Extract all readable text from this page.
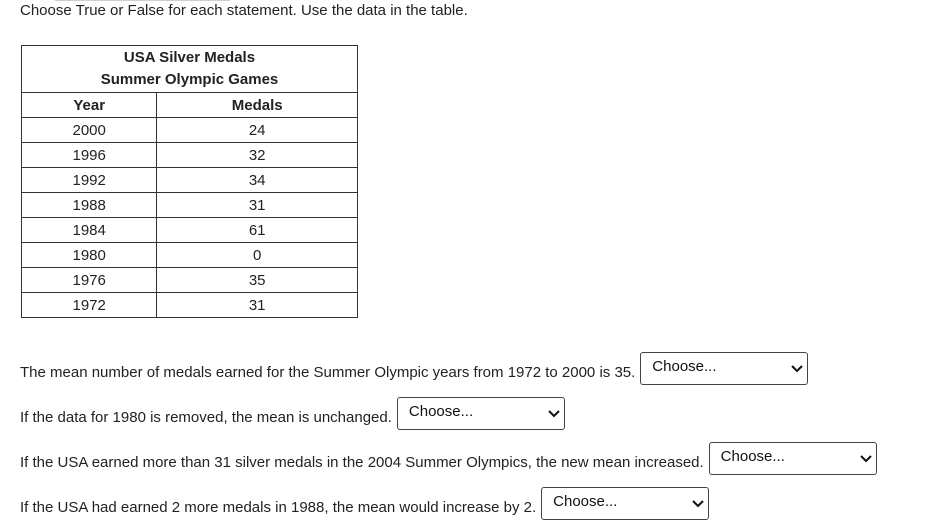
Choose True or False for each statement. Use the data in the table.
USA Silver Medals
Summer Olympic Games	

Year	Medals
2000	24
1996	32
1992	34
1988	31
1984	61
1980	0
1976	35
1972	31
The mean number of medals earned for the Summer Olympic years from 1972 to 2000 is 35. Choose...
If the data for 1980 is removed, the mean is unchanged. Choose...
If the USA earned more than 31 silver medals in the 2004 Summer Olympics, the new mean increased. Choose...
If the USA had earned 2 more medals in 1988, the mean would increase by 2. Choose...
